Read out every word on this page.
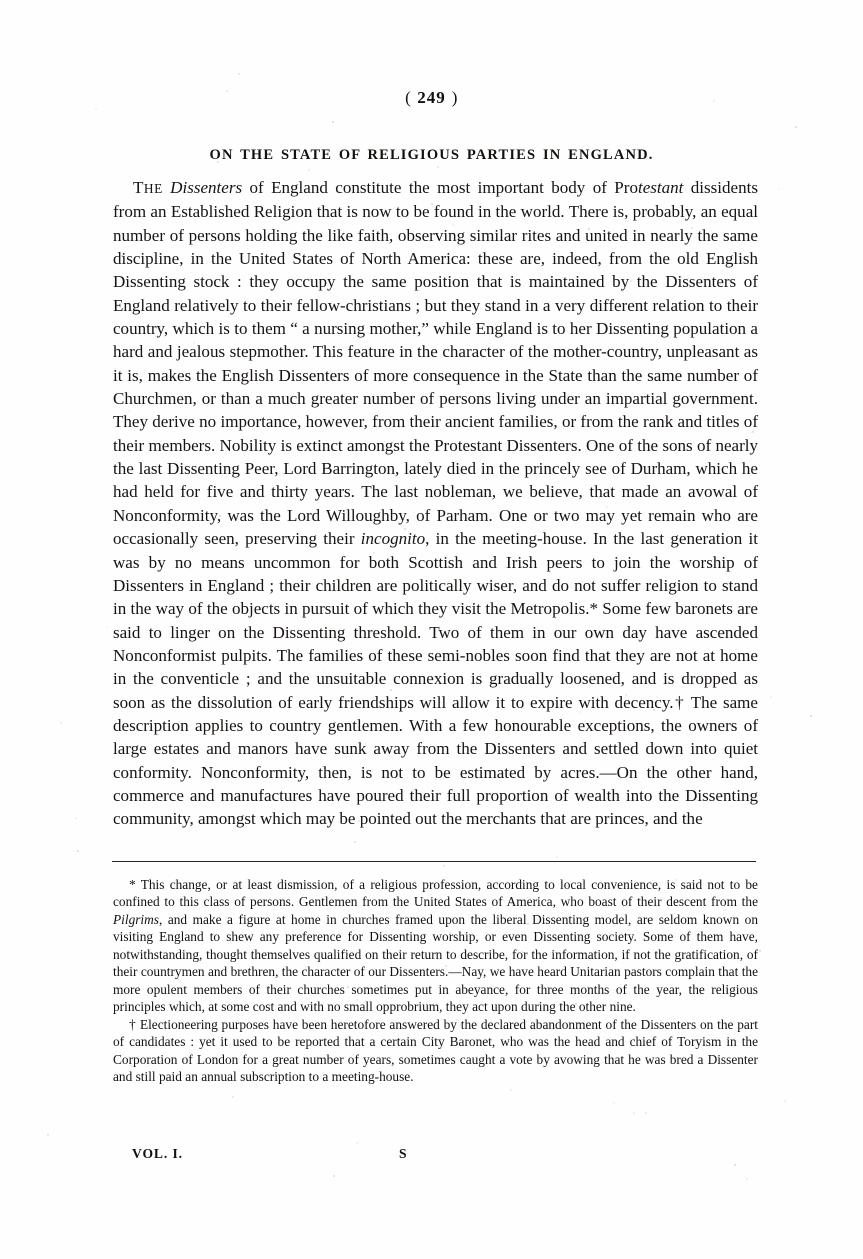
( 249 )
ON THE STATE OF RELIGIOUS PARTIES IN ENGLAND.

THE Dissenters of England constitute the most important body of Protestant dissidents from an Established Religion that is now to be found in the world. There is, probably, an equal number of persons holding the like faith, observing similar rites and united in nearly the same discipline, in the United States of North America: these are, indeed, from the old English Dissenting stock : they occupy the same position that is maintained by the Dissenters of England relatively to their fellow-christians ; but they stand in a very different relation to their country, which is to them “ a nursing mother,” while England is to her Dissenting population a hard and jealous stepmother. This feature in the character of the mother-country, unpleasant as it is, makes the English Dissenters of more consequence in the State than the same number of Churchmen, or than a much greater number of persons living under an impartial government. They derive no importance, however, from their ancient families, or from the rank and titles of their members. Nobility is extinct amongst the Protestant Dissenters. One of the sons of nearly the last Dissenting Peer, Lord Barrington, lately died in the princely see of Durham, which he had held for five and thirty years. The last nobleman, we believe, that made an avowal of Nonconformity, was the Lord Willoughby, of Parham. One or two may yet remain who are occasionally seen, preserving their incognito, in the meeting-house. In the last generation it was by no means uncommon for both Scottish and Irish peers to join the worship of Dissenters in England ; their children are politically wiser, and do not suffer religion to stand in the way of the objects in pursuit of which they visit the Metropolis.* Some few baronets are said to linger on the Dissenting threshold. Two of them in our own day have ascended Nonconformist pulpits. The families of these semi-nobles soon find that they are not at home in the conventicle ; and the unsuitable connexion is gradually loosened, and is dropped as soon as the dissolution of early friendships will allow it to expire with decency.† The same description applies to country gentlemen. With a few honourable exceptions, the owners of large estates and manors have sunk away from the Dissenters and settled down into quiet conformity. Nonconformity, then, is not to be estimated by acres.—On the other hand, commerce and manufactures have poured their full proportion of wealth into the Dissenting community, amongst which may be pointed out the merchants that are princes, and the

* This change, or at least dismission, of a religious profession, according to local convenience, is said not to be confined to this class of persons. Gentlemen from the United States of America, who boast of their descent from the Pilgrims, and make a figure at home in churches framed upon the liberal Dissenting model, are seldom known on visiting England to shew any preference for Dissenting worship, or even Dissenting society. Some of them have, notwithstanding, thought themselves qualified on their return to describe, for the information, if not the gratification, of their countrymen and brethren, the character of our Dissenters.—Nay, we have heard Unitarian pastors complain that the more opulent members of their churches sometimes put in abeyance, for three months of the year, the religious principles which, at some cost and with no small opprobrium, they act upon during the other nine.

† Electioneering purposes have been heretofore answered by the declared abandonment of the Dissenters on the part of candidates : yet it used to be reported that a certain City Baronet, who was the head and chief of Toryism in the Corporation of London for a great number of years, sometimes caught a vote by avowing that he was bred a Dissenter and still paid an annual subscription to a meeting-house.

VOL. I.	S
